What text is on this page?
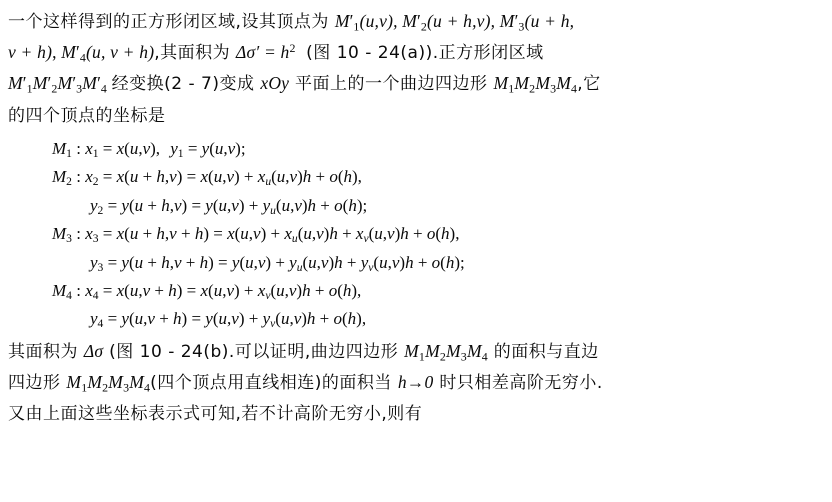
一个这样得到的正方形闭区域,设其顶点为 M′1(u,v), M′2(u + h,v), M′3(u + h,
v + h), M′4(u, v + h),其面积为 $\Delta\sigma' = h^2$ (图 10 - 24(a)).正方形闭区域
M′1M′2M′3M′4 经变换(2 - 7)变成 xOy 平面上的一个曲边四边形 M1M2M3M4,它
的四个顶点的坐标是
M1 : x1 = x(u,v), y1 = y(u,v);
M2 : $x2 = x(u + h,v) = x(u,v) + x_u(u,v)h + o(h)$,
$y2 = y(u + h,v) = y(u,v) + y_u(u,v)h + o(h)$;
M3 : $x3 = x(u + h,v + h) = x(u,v) + x_u(u,v)h + x_v(u,v)h + o(h)$,
$y3 = y(u + h,v + h) = y(u,v) + y_u(u,v)h + y_v(u,v)h + o(h)$;
M4 : $x4 = x(u,v + h) = x(u,v) + x_v(u,v)h + o(h)$,
$y4 = y(u,v + h) = y(u,v) + y_v(u,v)h + o(h)$,
其面积为 Δσ (图 10 - 24(b).可以证明,曲边四边形 M1M2M3M4 的面积与直边
四边形 M1M2M3M4(四个顶点用直线相连)的面积当 h→0 时只相差高阶无穷小.
又由上面这些坐标表示式可知,若不计高阶无穷小,则有
